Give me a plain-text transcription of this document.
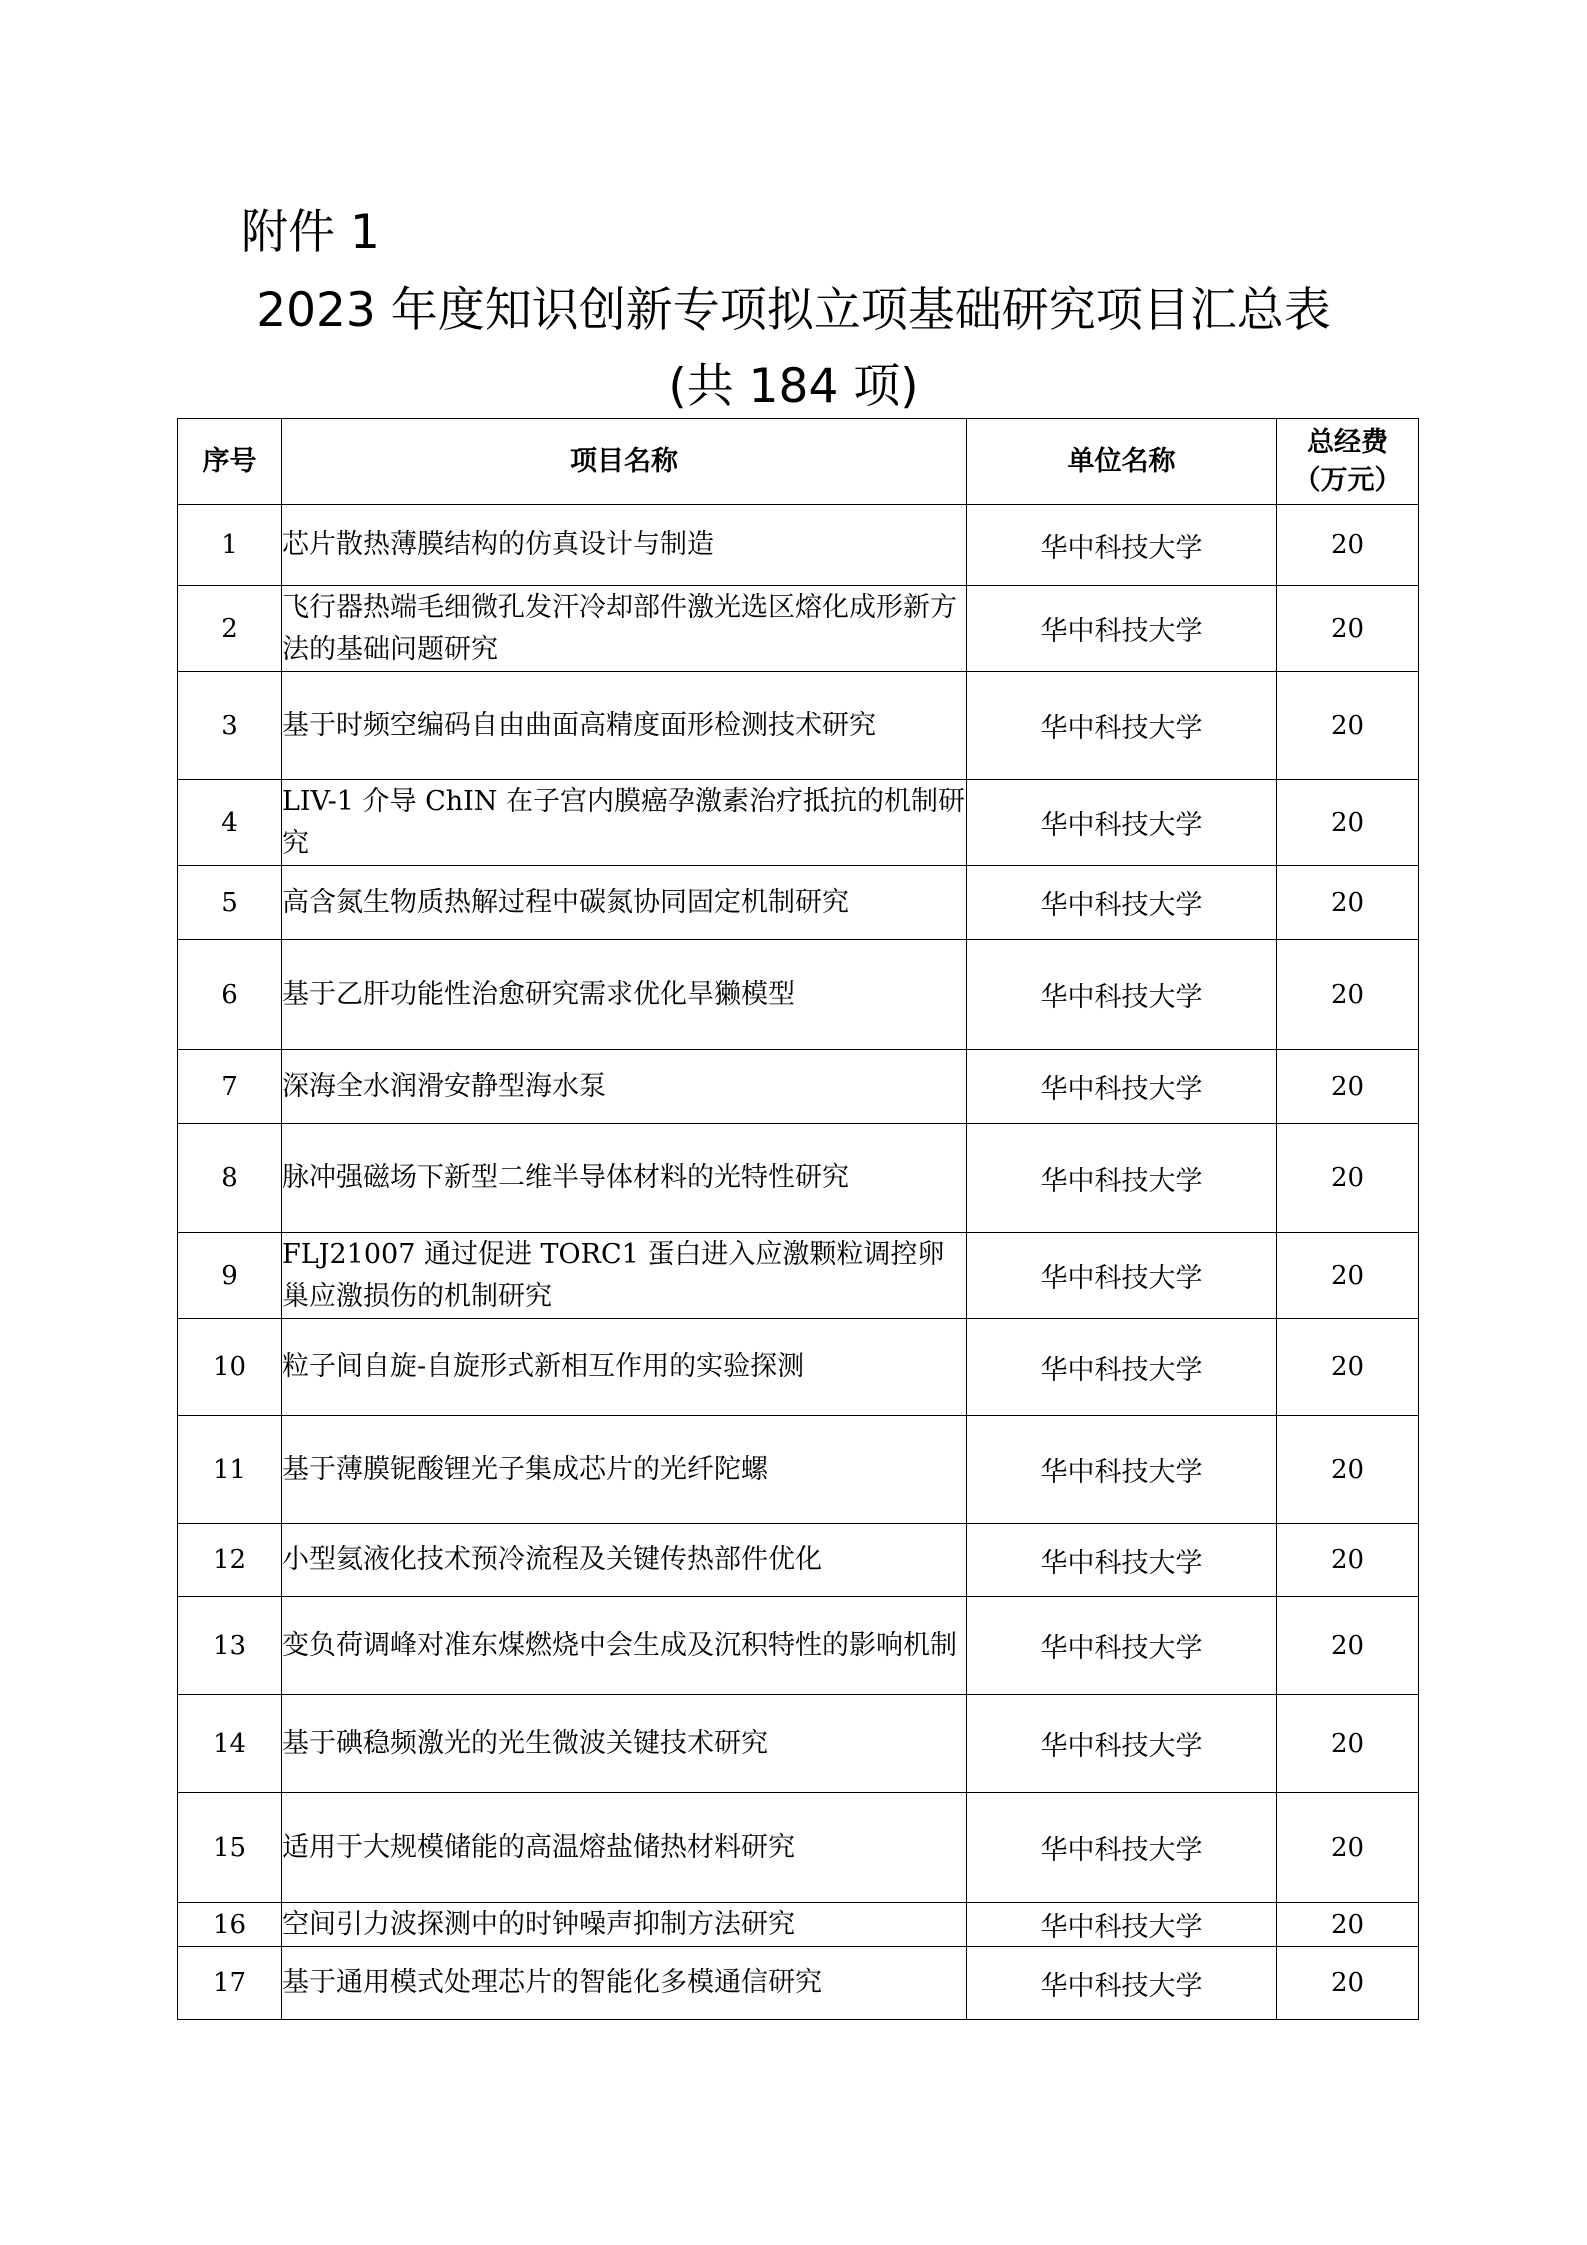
附件 1
2023 年度知识创新专项拟立项基础研究项目汇总表
(共 184 项)
序号	项目名称	单位名称	总经费
（万元）

1	芯片散热薄膜结构的仿真设计与制造	华中科技大学	20
2	飞行器热端毛细微孔发汗冷却部件激光选区熔化成形新方法的基础问题研究	华中科技大学	20
3	基于时频空编码自由曲面高精度面形检测技术研究	华中科技大学	20
4	LIV-1 介导 ChIN 在子宫内膜癌孕激素治疗抵抗的机制研究	华中科技大学	20
5	高含氮生物质热解过程中碳氮协同固定机制研究	华中科技大学	20
6	基于乙肝功能性治愈研究需求优化旱獭模型	华中科技大学	20
7	深海全水润滑安静型海水泵	华中科技大学	20
8	脉冲强磁场下新型二维半导体材料的光特性研究	华中科技大学	20
9	FLJ21007 通过促进 TORC1 蛋白进入应激颗粒调控卵巢应激损伤的机制研究	华中科技大学	20
10	粒子间自旋-自旋形式新相互作用的实验探测	华中科技大学	20
11	基于薄膜铌酸锂光子集成芯片的光纤陀螺	华中科技大学	20
12	小型氦液化技术预冷流程及关键传热部件优化	华中科技大学	20
13	变负荷调峰对准东煤燃烧中会生成及沉积特性的影响机制	华中科技大学	20
14	基于碘稳频激光的光生微波关键技术研究	华中科技大学	20
15	适用于大规模储能的高温熔盐储热材料研究	华中科技大学	20
16	空间引力波探测中的时钟噪声抑制方法研究	华中科技大学	20
17	基于通用模式处理芯片的智能化多模通信研究	华中科技大学	20
